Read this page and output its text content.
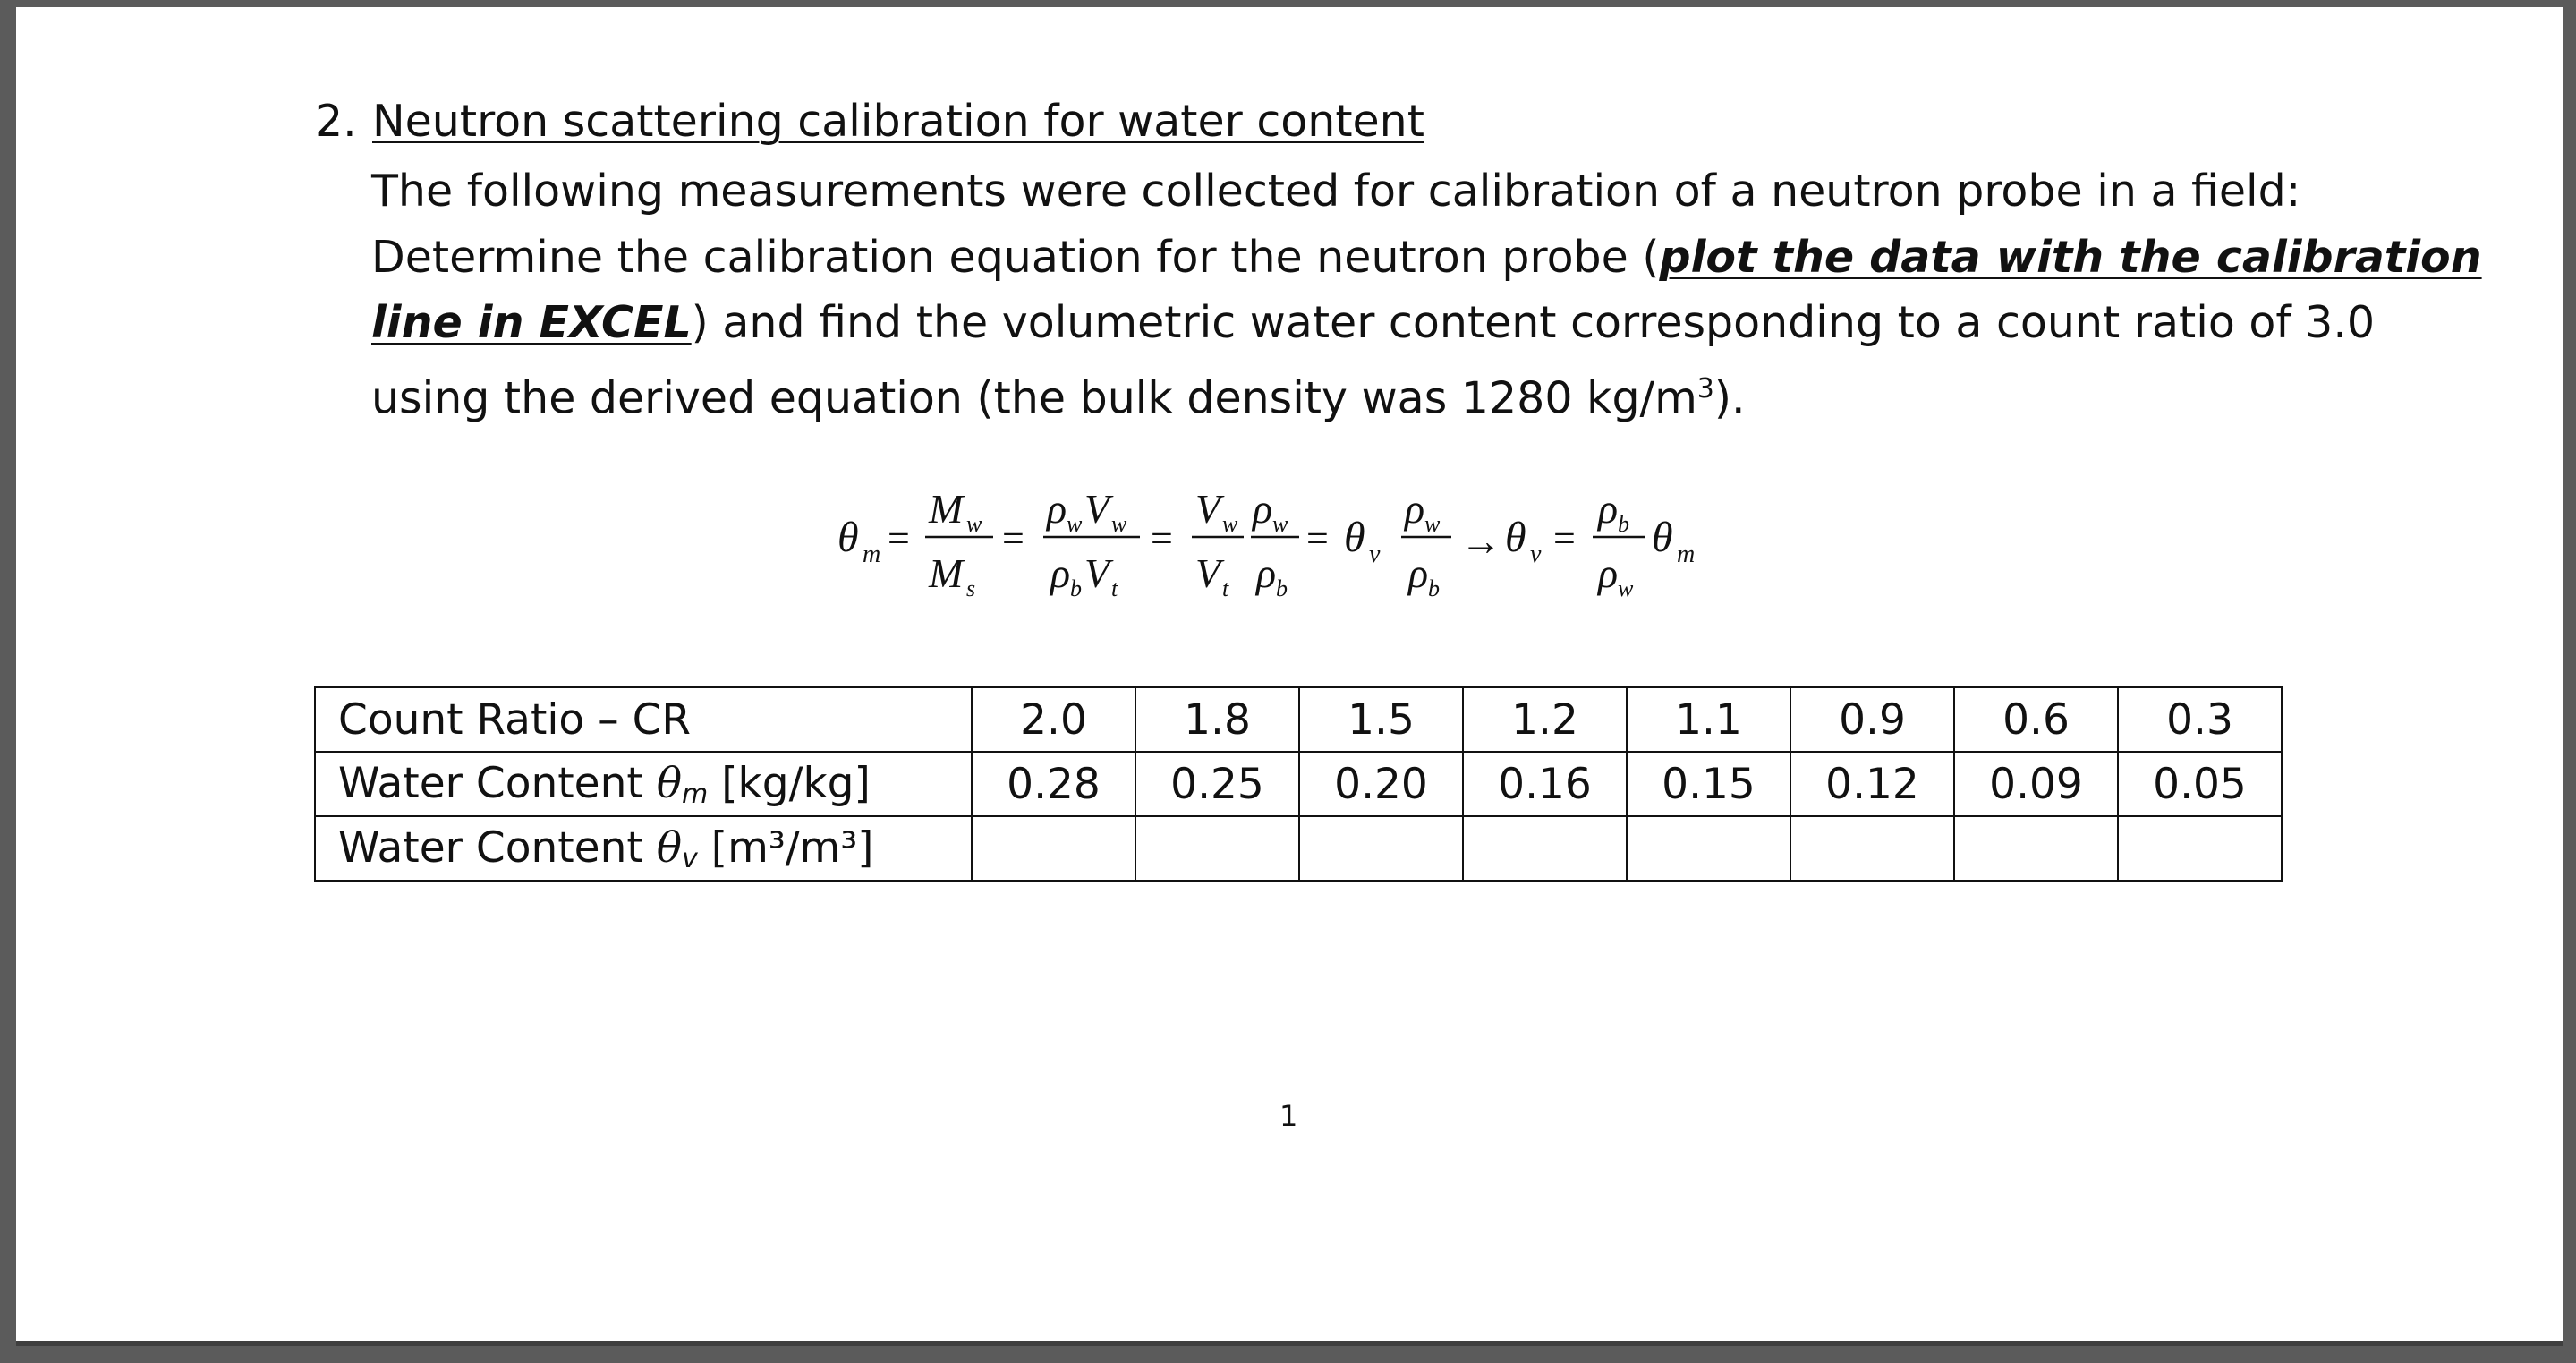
2. Neutron scattering calibration for water content
The following measurements were collected for calibration of a neutron probe in a field:
Determine the calibration equation for the neutron probe (plot the data with the calibration
line in EXCEL) and find the volumetric water content corresponding to a count ratio of 3.0
using the derived equation (the bulk density was 1280 $kg/m^3$).
θ m =
M w
M s
=
ρ w V w
ρ b V t
=
V w
V t
ρ w
ρ b
= θ v
ρ w
ρ b
→ θ v =
ρ b
ρ w
θ m
Count Ratio – CR	2.0	1.8	1.5	1.2	1.1	0.9	0.6	0.3
Water Content $\theta_m$ [kg/kg]	0.28	0.25	0.20	0.16	0.15	0.12	0.09	0.05
Water Content $\theta_v$ [m³/m³]								
1
